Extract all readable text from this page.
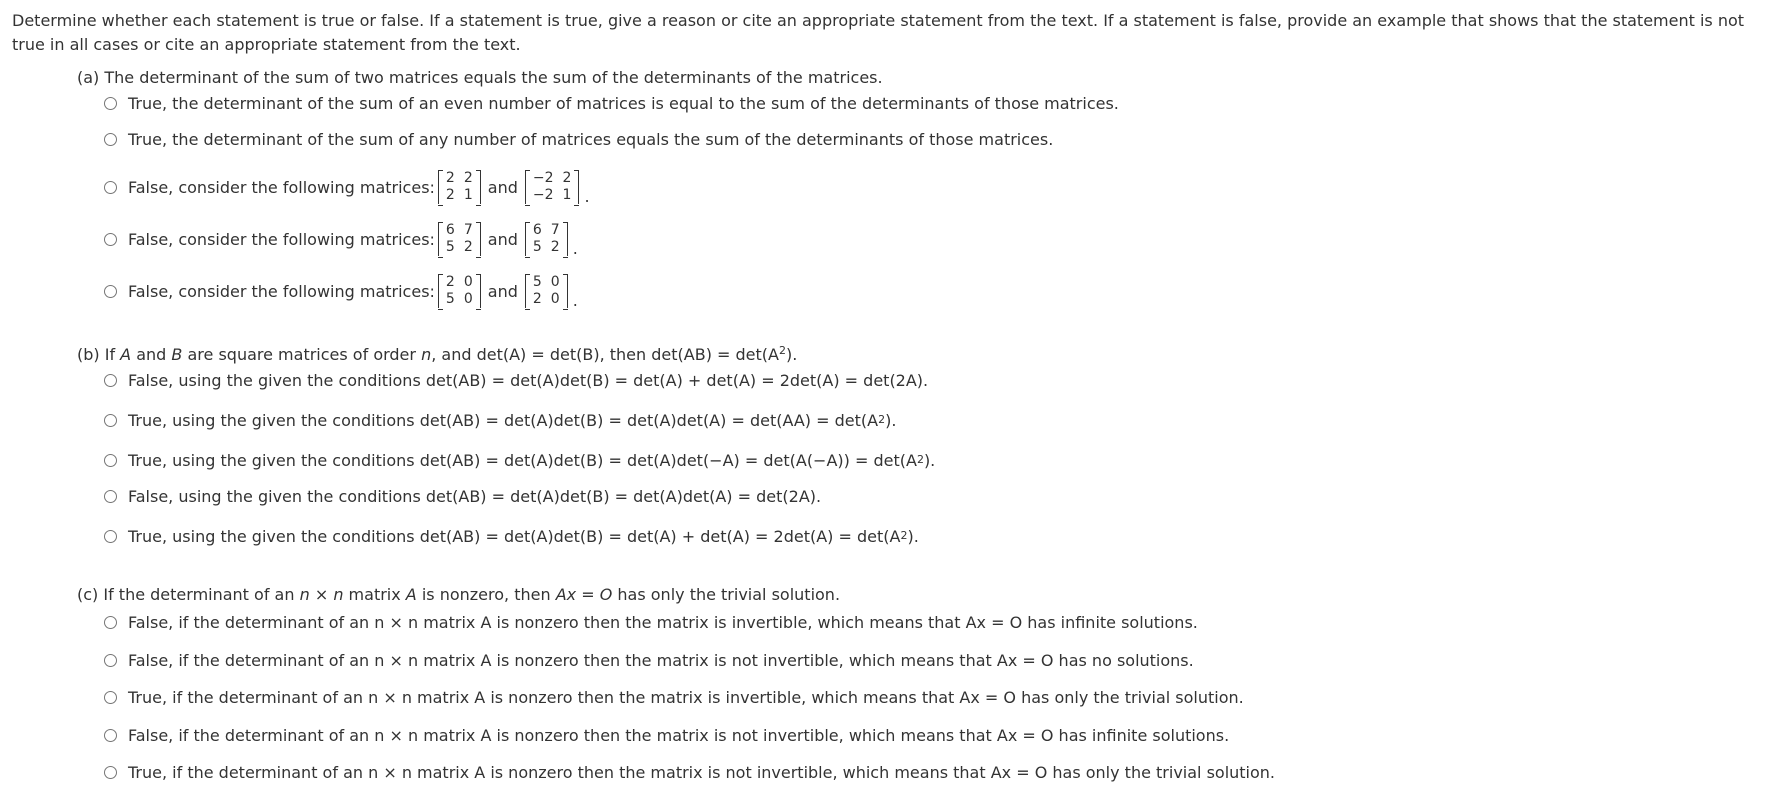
Determine whether each statement is true or false. If a statement is true, give a reason or cite an appropriate statement from the text. If a statement is false, provide an example that shows that the statement is not true in all cases or cite an appropriate statement from the text.

(a) The determinant of the sum of two matrices equals the sum of the determinants of the matrices.
True, the determinant of the sum of an even number of matrices is equal to the sum of the determinants of those matrices.
True, the determinant of the sum of any number of matrices equals the sum of the determinants of those matrices.
False, consider the following matrices: 2 2
2 1 and −2 2
−2 1 .
False, consider the following matrices: 6 7
5 2 and 6 7
5 2 .
False, consider the following matrices: 2 0
5 0 and 5 0
2 0 .
(b) If A and B are square matrices of order n, and det(A) = det(B), then $\det(AB) = \det(A^2)$.
False, using the given the conditions det(AB) = det(A)det(B) = det(A) + det(A) = 2det(A) = det(2A).
True, using the given the conditions det(AB) = det(A)det(B) = det(A)det(A) = det(AA) = det(A 2 ).
True, using the given the conditions det(AB) = det(A)det(B) = det(A)det(−A) = det(A(−A)) = det(A 2 ).
False, using the given the conditions det(AB) = det(A)det(B) = det(A)det(A) = det(2A).
True, using the given the conditions det(AB) = det(A)det(B) = det(A) + det(A) = 2det(A) = det(A 2 ).
(c) If the determinant of an n × n matrix A is nonzero, then Ax = O has only the trivial solution.
False, if the determinant of an n × n matrix A is nonzero then the matrix is invertible, which means that Ax = O has infinite solutions.
False, if the determinant of an n × n matrix A is nonzero then the matrix is not invertible, which means that Ax = O has no solutions.
True, if the determinant of an n × n matrix A is nonzero then the matrix is invertible, which means that Ax = O has only the trivial solution.
False, if the determinant of an n × n matrix A is nonzero then the matrix is not invertible, which means that Ax = O has infinite solutions.
True, if the determinant of an n × n matrix A is nonzero then the matrix is not invertible, which means that Ax = O has only the trivial solution.
